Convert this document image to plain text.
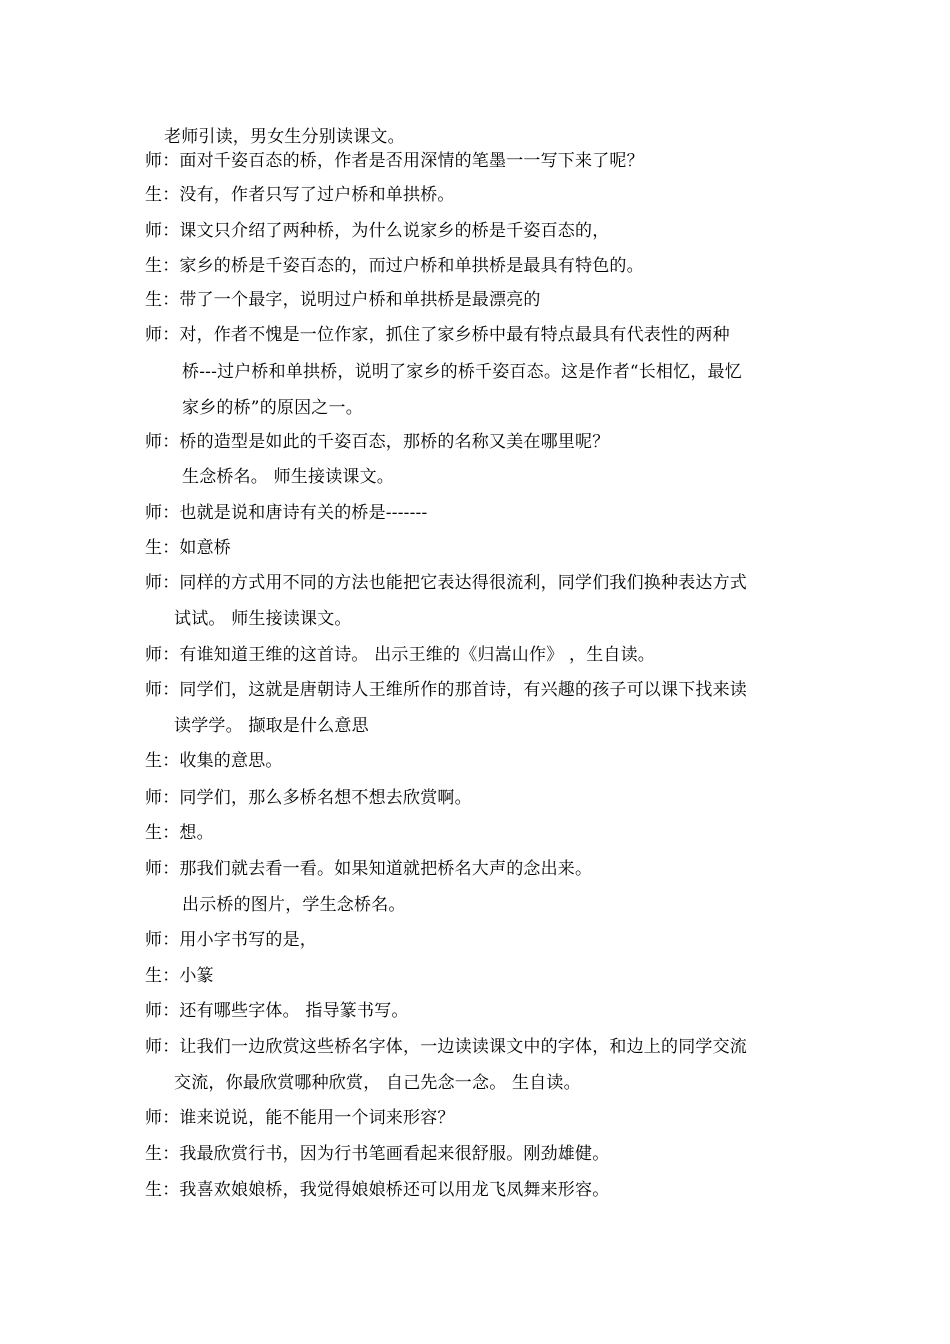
老师引读，男女生分别读课文。
师：面对千姿百态的桥，作者是否用深情的笔墨一一写下来了呢？
生：没有，作者只写了过户桥和单拱桥。
师：课文只介绍了两种桥，为什么说家乡的桥是千姿百态的，
生：家乡的桥是千姿百态的，而过户桥和单拱桥是最具有特色的。
生：带了一个最字，说明过户桥和单拱桥是最漂亮的
师：对，作者不愧是一位作家，抓住了家乡桥中最有特点最具有代表性的两种
桥---过户桥和单拱桥，说明了家乡的桥千姿百态。这是作者“长相忆，最忆
家乡的桥”的原因之一。
师：桥的造型是如此的千姿百态，那桥的名称又美在哪里呢？
生念桥名。 师生接读课文。
师：也就是说和唐诗有关的桥是-------
生：如意桥
师：同样的方式用不同的方法也能把它表达得很流利，同学们我们换种表达方式
试试。 师生接读课文。
师：有谁知道王维的这首诗。 出示王维的《归嵩山作》 ，生自读。
师：同学们，这就是唐朝诗人王维所作的那首诗，有兴趣的孩子可以课下找来读
读学学。 撷取是什么意思
生：收集的意思。
师：同学们，那么多桥名想不想去欣赏啊。
生：想。
师：那我们就去看一看。如果知道就把桥名大声的念出来。
出示桥的图片，学生念桥名。
师：用小字书写的是，
生：小篆
师：还有哪些字体。 指导篆书写。
师：让我们一边欣赏这些桥名字体，一边读读课文中的字体，和边上的同学交流
交流，你最欣赏哪种欣赏， 自己先念一念。 生自读。
师：谁来说说，能不能用一个词来形容？
生：我最欣赏行书，因为行书笔画看起来很舒服。刚劲雄健。
生：我喜欢娘娘桥，我觉得娘娘桥还可以用龙飞凤舞来形容。
